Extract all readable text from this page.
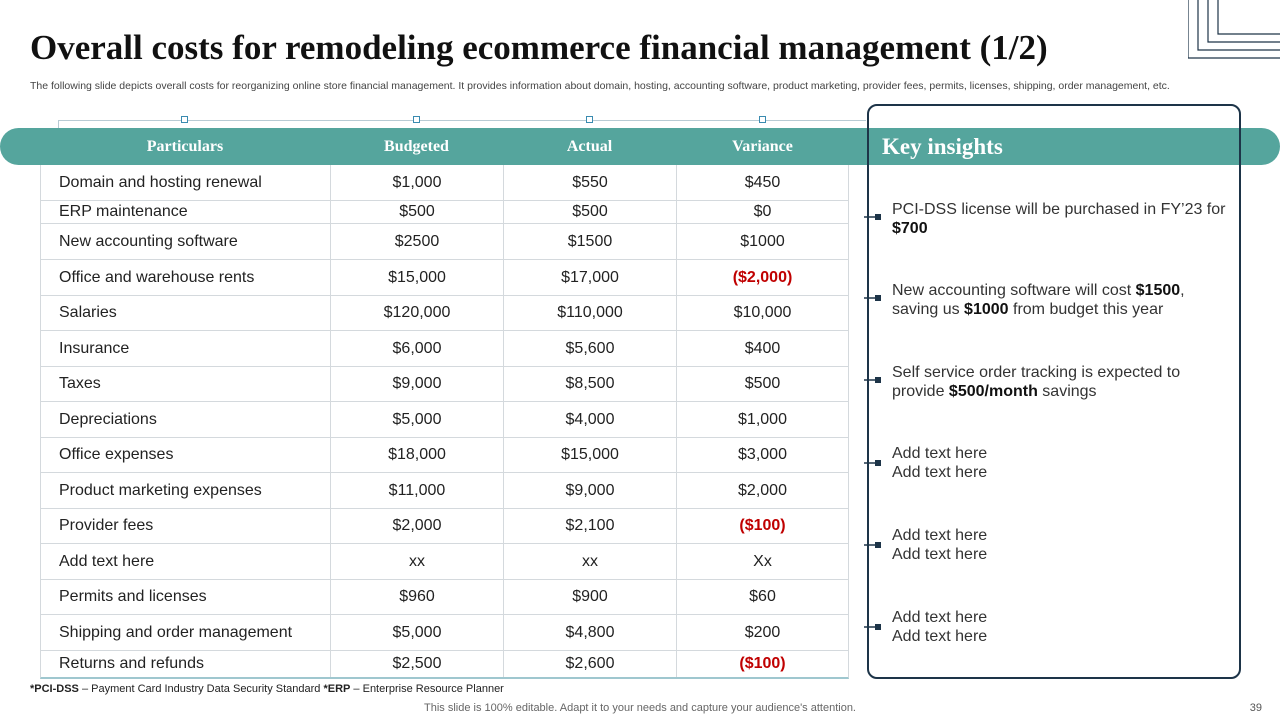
Overall costs for remodeling ecommerce financial management (1/2)
The following slide depicts overall costs for reorganizing online store financial management. It provides information about domain, hosting, accounting software, product marketing, provider fees, permits, licenses, shipping, order management, etc.
Particulars	Budgeted	Actual	Variance
Domain and hosting renewal	$1,000	$550	$450
ERP maintenance	$500	$500	$0
New accounting software	$2500	$1500	$1000
Office and warehouse rents	$15,000	$17,000	($2,000)
Salaries	$120,000	$110,000	$10,000
Insurance	$6,000	$5,600	$400
Taxes	$9,000	$8,500	$500
Depreciations	$5,000	$4,000	$1,000
Office expenses	$18,000	$15,000	$3,000
Product marketing expenses	$11,000	$9,000	$2,000
Provider fees	$2,000	$2,100	($100)
Add text here	xx	xx	Xx
Permits and licenses	$960	$900	$60
Shipping and order management	$5,000	$4,800	$200
Returns and refunds	$2,500	$2,600	($100)
Key insights
PCI-DSS license will be purchased in FY’23 for $700
New accounting software will cost $1500, saving us $1000 from budget this year
Self service order tracking is expected to provide $500/month savings
Add text here
Add text here
Add text here
Add text here
Add text here
Add text here
*PCI-DSS – Payment Card Industry Data Security Standard *ERP – Enterprise Resource Planner
This slide is 100% editable. Adapt it to your needs and capture your audience's attention.	39
